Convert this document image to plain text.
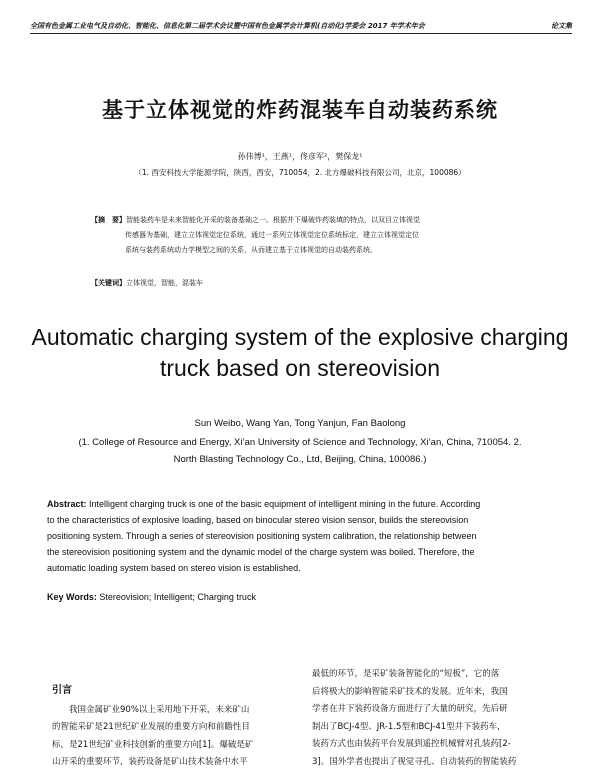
全国有色金属工业电气及自动化、智能化、信息化第二届学术会议暨中国有色金属学会计算机(自动化)学委会 2017 年学术年会	论文集
基于立体视觉的炸药混装车自动装药系统
孙伟博¹，王燕¹，佟彦军²，樊保龙¹
（1. 西安科技大学能源学院，陕西，西安，710054，2. 北方爆破科技有限公司，北京，100086）
【摘　要】智能装药车是未来智能化开采的装备基础之一。根据井下爆破炸药装填的特点，以双目立体视觉
传感器为基础，建立立体视觉定位系统，通过一系列立体视觉定位系统标定，建立立体视觉定位
系统与装药系统动力学模型之间的关系，从而建立基于立体视觉的自动装药系统。
【关键词】立体视觉，智能，混装车
Automatic charging system of the explosive charging
truck based on stereovision
Sun Weibo, Wang Yan, Tong Yanjun, Fan Baolong
(1. College of Resource and Energy, Xi’an University of Science and Technology, Xi’an, China, 710054. 2.
North Blasting Technology Co., Ltd, Beijing, China, 100086.)
Abstract: Intelligent charging truck is one of the basic equipment of intelligent mining in the future. According
to the characteristics of explosive loading, based on binocular stereo vision sensor, builds the stereovision
positioning system. Through a series of stereovision positioning system calibration, the relationship between
the stereovision positioning system and the dynamic model of the charge system was boiled. Therefore, the
automatic loading system based on stereo vision is established.
Key Words: Stereovision; Intelligent; Charging truck
引言
我国金属矿业90%以上采用地下开采，未来矿山
的智能采矿是21世纪矿业发展的重要方向和前瞻性目
标，是21世纪矿业科技创新的重要方向[1]。爆破是矿
山开采的重要环节，装药设备是矿山技术装备中水平
最低的环节，是采矿装备智能化的“短板”，它的落
后将极大的影响智能采矿技术的发展。近年来，我国
学者在井下装药设备方面进行了大量的研究，先后研
制出了BCJ-4型、JR-1.5型和BCJ-41型井下装药车，
装药方式也由装药平台发展到遥控机械臂对孔装药[2-
3]。国外学者也提出了视觉寻孔、自动装药的智能装药
